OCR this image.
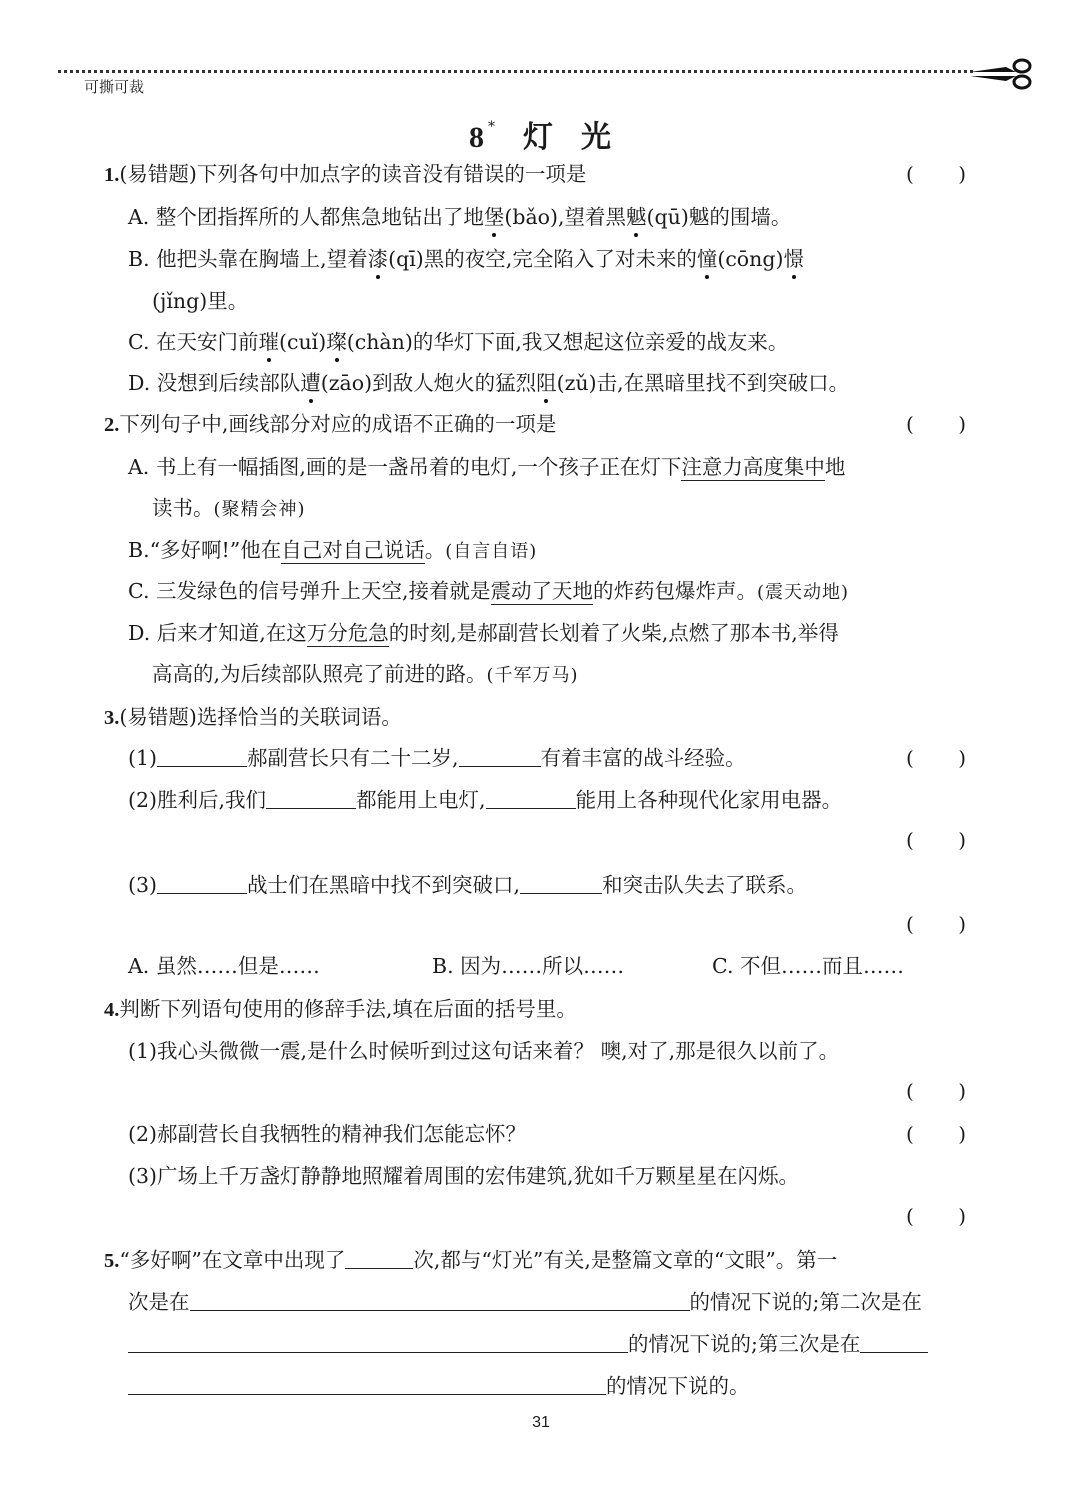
可撕可裁
8 * 灯 光
1.(易错题)下列各句中加点字的读音没有错误的一项是	(       )
A. 整个团指挥所的人都焦急地钻出了地堡(bǎo),望着黑魆(qū)魆的围墙。
B. 他把头靠在胸墙上,望着漆(qī)黑的夜空,完全陷入了对未来的憧(cōng)憬
(jǐng)里。
C. 在天安门前璀(cuǐ)璨(chàn)的华灯下面,我又想起这位亲爱的战友来。
D. 没想到后续部队遭(zāo)到敌人炮火的猛烈阻(zǔ)击,在黑暗里找不到突破口。
2.下列句子中,画线部分对应的成语不正确的一项是	(       )
A. 书上有一幅插图,画的是一盏吊着的电灯,一个孩子正在灯下注意力高度集中地
读书。(聚精会神)
B.“多好啊!”他在自己对自己说话。(自言自语)
C. 三发绿色的信号弹升上天空,接着就是震动了天地的炸药包爆炸声。(震天动地)
D. 后来才知道,在这万分危急的时刻,是郝副营长划着了火柴,点燃了那本书,举得
高高的,为后续部队照亮了前进的路。(千军万马)
3.(易错题)选择恰当的关联词语。
(1)	郝副营长只有二十二岁,	有着丰富的战斗经验。	(       )
(2)胜利后,我们	都能用上电灯,	能用上各种现代化家用电器。
(       )
(3)	战士们在黑暗中找不到突破口,	和突击队失去了联系。
(       )
A. 虽然……但是……	B. 因为……所以……	C. 不但……而且……
4.判断下列语句使用的修辞手法,填在后面的括号里。
(1)我心头微微一震,是什么时候听到过这句话来着？ 噢,对了,那是很久以前了。
(       )
(2)郝副营长自我牺牲的精神我们怎能忘怀？	(       )
(3)广场上千万盏灯静静地照耀着周围的宏伟建筑,犹如千万颗星星在闪烁。
(       )
5.“多好啊”在文章中出现了	次,都与“灯光”有关,是整篇文章的“文眼”。第一
次是在	的情况下说的;第二次是在
的情况下说的;第三次是在
的情况下说的。
31
